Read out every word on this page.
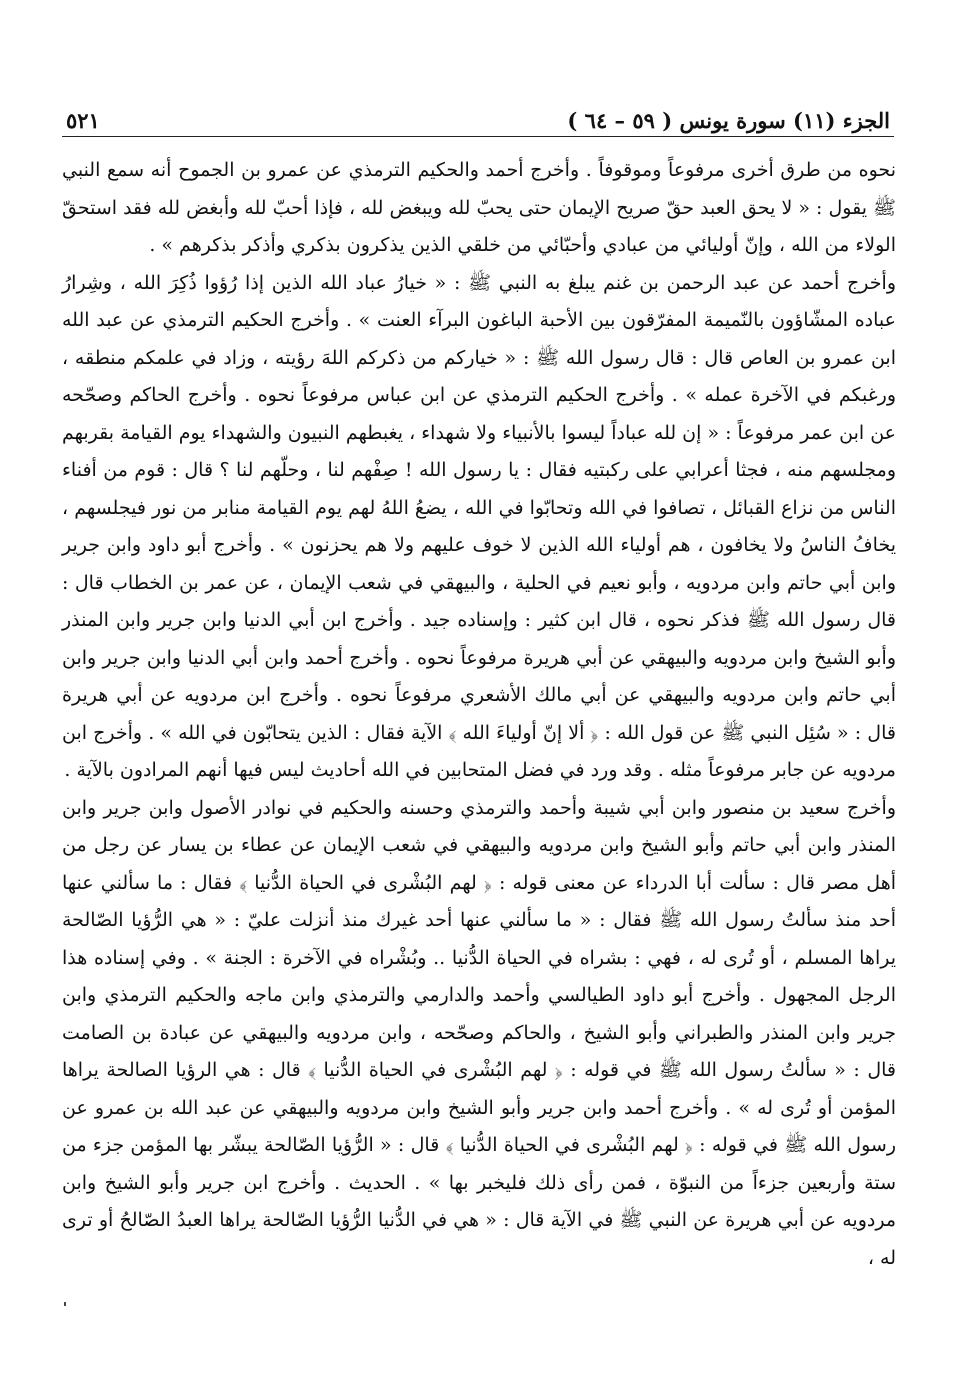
الجزء (١١) سورة يونس ( ٥٩ – ٦٤ )
٥٢١

نحوه من طرق أخرى مرفوعاً وموقوفاً . وأخرج أحمد والحكيم الترمذي عن عمرو بن الجموح أنه سمع النبي ﷺ يقول : « لا يحق العبد حقّ صريح الإيمان حتى يحبّ لله ويبغض لله ، فإذا أحبّ لله وأبغض لله فقد استحقّ الولاء من الله ، وإنّ أوليائي من عبادي وأحبّائي من خلقي الذين يذكرون بذكري وأذكر بذكرهم » .

وأخرج أحمد عن عبد الرحمن بن غنم يبلغ به النبي ﷺ : « خيارُ عباد الله الذين إذا رُؤوا ذُكِرَ الله ، وشِرارُ عباده المشّاؤون بالنّميمة المفرّقون بين الأحبة الباغون البرآء العنت » . وأخرج الحكيم الترمذي عن عبد الله ابن عمرو بن العاص قال : قال رسول الله ﷺ : « خياركم من ذكركم اللهَ رؤيته ، وزاد في علمكم منطقه ، ورغبكم في الآخرة عمله » . وأخرج الحكيم الترمذي عن ابن عباس مرفوعاً نحوه . وأخرج الحاكم وصحّحه عن ابن عمر مرفوعاً : « إن لله عباداً ليسوا بالأنبياء ولا شهداء ، يغبطهم النبيون والشهداء يوم القيامة بقربهم ومجلسهم منه ، فجثا أعرابي على ركبتيه فقال : يا رسول الله ! صِفْهم لنا ، وحلّهم لنا ؟ قال : قوم من أفناء الناس من نزاع القبائل ، تصافوا في الله وتحابّوا في الله ، يضعُ اللهُ لهم يوم القيامة منابر من نور فيجلسهم ، يخافُ الناسُ ولا يخافون ، هم أولياء الله الذين لا خوف عليهم ولا هم يحزنون » . وأخرج أبو داود وابن جرير وابن أبي حاتم وابن مردويه ، وأبو نعيم في الحلية ، والبيهقي في شعب الإيمان ، عن عمر بن الخطاب قال : قال رسول الله ﷺ فذكر نحوه ، قال ابن كثير : وإسناده جيد . وأخرج ابن أبي الدنيا وابن جرير وابن المنذر وأبو الشيخ وابن مردويه والبيهقي عن أبي هريرة مرفوعاً نحوه . وأخرج أحمد وابن أبي الدنيا وابن جرير وابن أبي حاتم وابن مردويه والبيهقي عن أبي مالك الأشعري مرفوعاً نحوه . وأخرج ابن مردويه عن أبي هريرة قال : « سُئِل النبي ﷺ عن قول الله : ﴿ ألا إنّ أولياءَ الله ﴾ الآية فقال : الذين يتحابّون في الله » . وأخرج ابن مردويه عن جابر مرفوعاً مثله . وقد ورد في فضل المتحابين في الله أحاديث ليس فيها أنهم المرادون بالآية .

وأخرج سعيد بن منصور وابن أبي شيبة وأحمد والترمذي وحسنه والحكيم في نوادر الأصول وابن جرير وابن المنذر وابن أبي حاتم وأبو الشيخ وابن مردويه والبيهقي في شعب الإيمان عن عطاء بن يسار عن رجل من أهل مصر قال : سألت أبا الدرداء عن معنى قوله : ﴿ لهم البُشْرى في الحياة الدُّنيا ﴾ فقال : ما سألني عنها أحد منذ سألتُ رسول الله ﷺ فقال : « ما سألني عنها أحد غيرك منذ أنزلت عليّ : « هي الرُّؤيا الصّالحة يراها المسلم ، أو تُرى له ، فهي : بشراه في الحياة الدُّنيا .. وبُشْراه في الآخرة : الجنة » . وفي إسناده هذا الرجل المجهول . وأخرج أبو داود الطيالسي وأحمد والدارمي والترمذي وابن ماجه والحكيم الترمذي وابن جرير وابن المنذر والطبراني وأبو الشيخ ، والحاكم وصحّحه ، وابن مردويه والبيهقي عن عبادة بن الصامت قال : « سألتُ رسول الله ﷺ في قوله : ﴿ لهم البُشْرى في الحياة الدُّنيا ﴾ قال : هي الرؤيا الصالحة يراها المؤمن أو تُرى له » . وأخرج أحمد وابن جرير وأبو الشيخ وابن مردويه والبيهقي عن عبد الله بن عمرو عن رسول الله ﷺ في قوله : ﴿ لهم البُشْرى في الحياة الدُّنيا ﴾ قال : « الرُّؤيا الصّالحة يبشّر بها المؤمن جزء من ستة وأربعين جزءاً من النبوّة ، فمن رأى ذلك فليخبر بها » . الحديث . وأخرج ابن جرير وأبو الشيخ وابن مردويه عن أبي هريرة عن النبي ﷺ في الآية قال : « هي في الدُّنيا الرُّؤيا الصّالحة يراها العبدُ الصّالحُ أو ترى له ،
